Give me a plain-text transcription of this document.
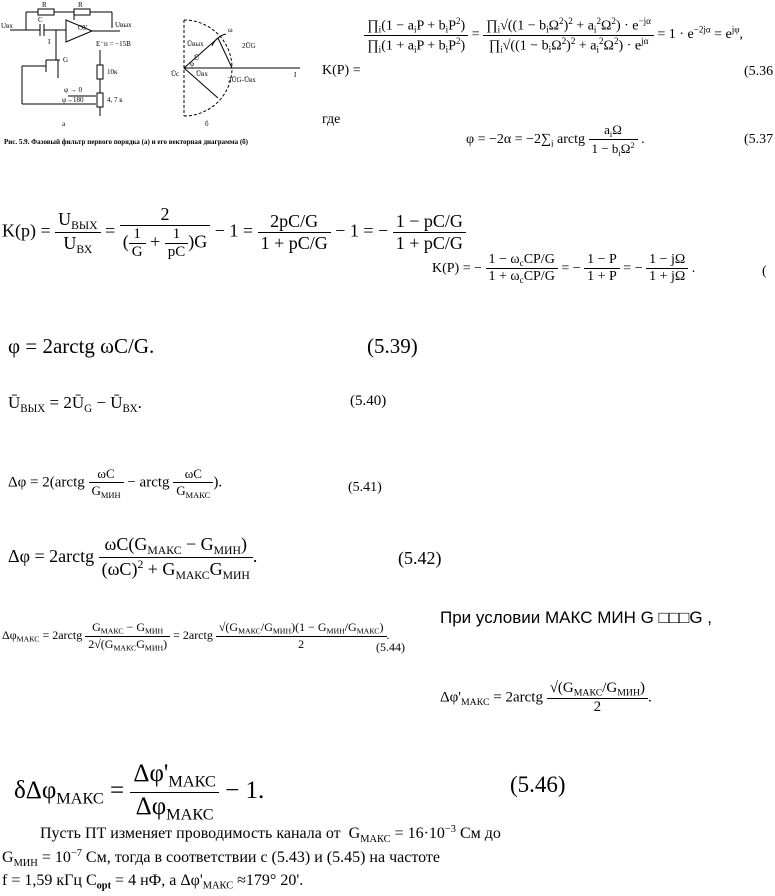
Uвх	Uвых
R	R
C
I
G
ОУ
E⁻п = −15В
10к
4, 7 к
φ → 0
φ→180
а
Ūвых
Ū
Ūвх
Ūc
2ŪG
2ŪG-Ūвх
I
ω
φ
б
Рис. 5.9. Фазовый фильтр первого порядка (а) и его векторная диаграмма (б)
K(P) =
$\frac{\prod_i(1 - a_iP + b_iP^2)}{\prod_i(1 + a_iP + b_iP^2)} = \frac{\prod_i√((1 - b_i\Omega^2)^2 + a_i^2\Omega^2) \cdot e^{-j\alpha}}{\prod_i√((1 - b_i\Omega^2)^2 + a_i^2\Omega^2) \cdot e^{j\alpha}} = 1 \cdot e^{-2j\alpha} = e^{j\varphi}$,
(5.36
где
$\varphi = -2\alpha = -2\sum_i$ arctg $\frac{a_i\Omega}{1 - b_i\Omega^2}$ .	(5.37
$K(p) = \frac{U_{ВЫХ}}{U_{ВХ}} = \frac{2}{( \frac{1}{G} + \frac{1}{pC} )G} - 1 = \frac{2pC/G}{1 + pC/G} - 1$ = − $\frac{1 - pC/G}{1 + pC/G}$
K(P) = − $\frac{1 - \omega_cCP/G}{1 + \omega_cCP/G}$ = − $\frac{1 - P}{1 + P}$ = − $\frac{1 - j\Omega}{1 + j\Omega}$ .	(
φ = 2arctg ωC/G.	(5.39)
$Ū_{ВЫХ}$ = $2Ū_G$ − $Ū_{ВХ}$.	(5.40)
Δφ = 2(arctg $\frac{\omega C}{G_{МИН}}$ − arctg $\frac{\omega C}{G_{МАКС}}$ ).	(5.41)
Δφ = 2arctg $\frac{\omega C(G_{МАКС} - G_{МИН})}{(\omega C)^2 + G_{МАКС}G_{МИН}}$ .	(5.42)
$\Delta\varphi_{МАКС}$ = 2arctg $\frac{G_{МАКС} - G_{МИН}}{2√(G_{МАКС}G_{МИН})}$ = 2arctg $\frac{√(G_{МАКС}/G_{МИН})(1 - G_{МИН}/G_{МАКС})}{2}$ .
(5.44)
При условии МАКС МИН G □□□G ,
$\Delta\varphi'_{МАКС}$ = 2arctg $\frac{√(G_{МАКС}/G_{МИН})}{2}$ .
$\delta\Delta\varphi_{МАКС} = \frac{\Delta\varphi'_{МАКС}}{\Delta\varphi_{МАКС}} - 1$.	(5.46)
Пусть ПТ изменяет проводимость канала от  $G_{МАКС} = 16\cdot 10^{-3}$ См до
$G_{МИН} = 10^{-7}$ См, тогда в соответствии с (5.43) и (5.45) на частоте
f = 1,59 кГц $C_{opt} = 4$ нФ, а $\Delta\varphi'_{МАКС} \approx 179^\circ$ 20'.
